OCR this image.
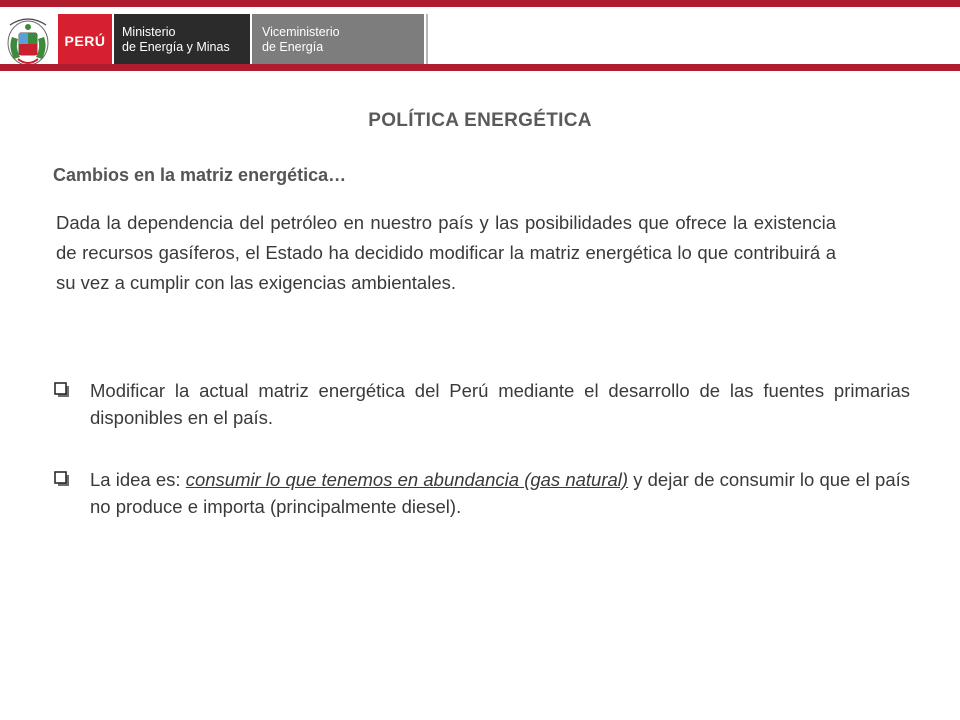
PERÚ
Ministerio
de Energía y Minas
Viceministerio
de Energía
POLÍTICA ENERGÉTICA
Cambios en la matriz energética…
Dada la dependencia del petróleo en nuestro país y las posibilidades que ofrece la existencia de recursos gasíferos, el Estado ha decidido modificar la matriz energética lo que contribuirá a su vez a cumplir con las exigencias ambientales.
Modificar la actual matriz energética del Perú mediante el desarrollo de las fuentes primarias disponibles en el país.
La idea es: consumir lo que tenemos en abundancia (gas natural) y dejar de consumir lo que el país no produce e importa (principalmente diesel).
